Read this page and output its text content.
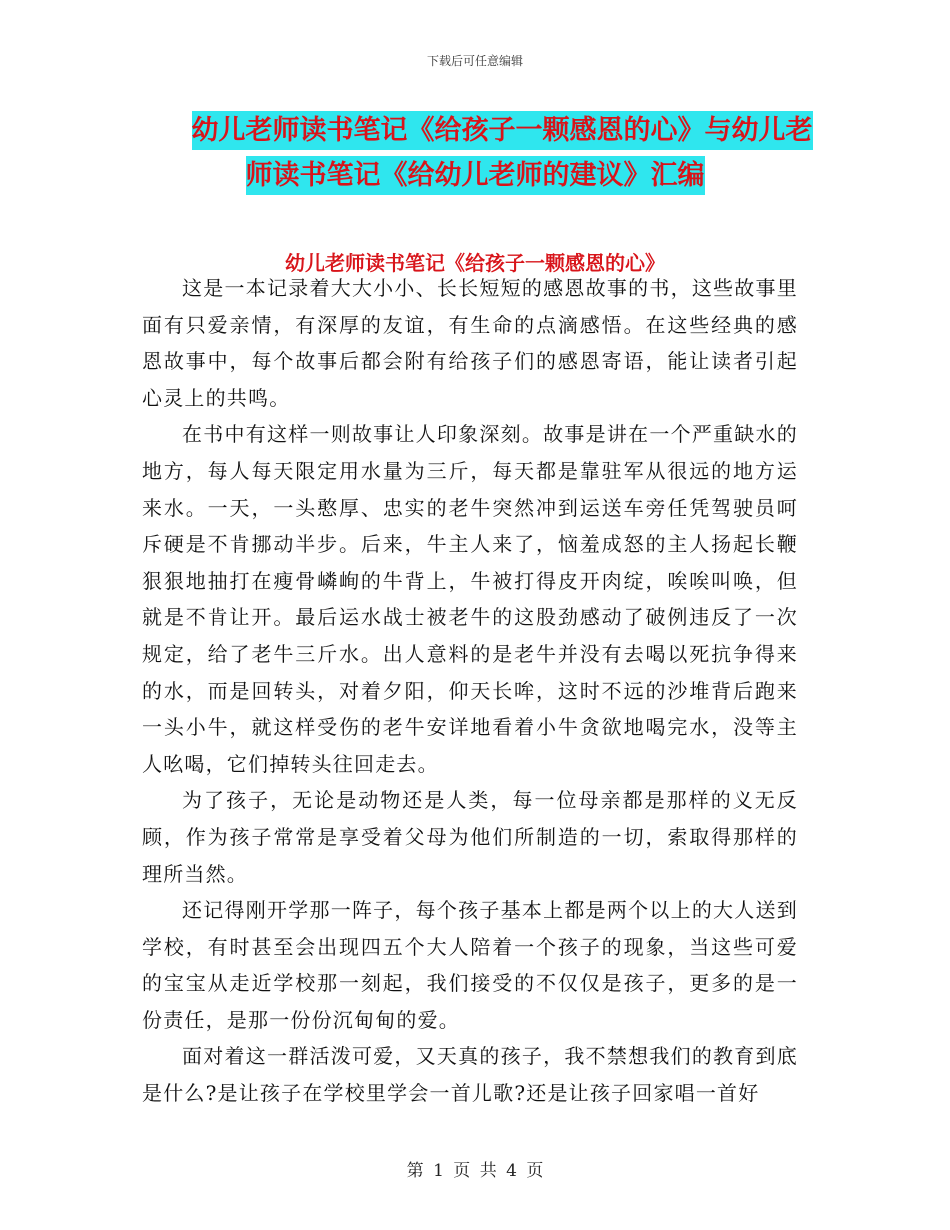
下载后可任意编辑
幼儿老师读书笔记《给孩子一颗感恩的心》与幼儿老
师读书笔记《给幼儿老师的建议》汇编
幼儿老师读书笔记《给孩子一颗感恩的心》

这是一本记录着大大小小、长长短短的感恩故事的书，这些故事里面有只爱亲情，有深厚的友谊，有生命的点滴感悟。在这些经典的感恩故事中，每个故事后都会附有给孩子们的感恩寄语，能让读者引起心灵上的共鸣。

在书中有这样一则故事让人印象深刻。故事是讲在一个严重缺水的地方，每人每天限定用水量为三斤，每天都是靠驻军从很远的地方运来水。一天，一头憨厚、忠实的老牛突然冲到运送车旁任凭驾驶员呵斥硬是不肯挪动半步。后来，牛主人来了，恼羞成怒的主人扬起长鞭狠狠地抽打在瘦骨嶙峋的牛背上，牛被打得皮开肉绽，唉唉叫唤，但就是不肯让开。最后运水战士被老牛的这股劲感动了破例违反了一次规定，给了老牛三斤水。出人意料的是老牛并没有去喝以死抗争得来的水，而是回转头，对着夕阳，仰天长哞，这时不远的沙堆背后跑来一头小牛，就这样受伤的老牛安详地看着小牛贪欲地喝完水，没等主人吆喝，它们掉转头往回走去。

为了孩子，无论是动物还是人类，每一位母亲都是那样的义无反顾，作为孩子常常是享受着父母为他们所制造的一切，索取得那样的理所当然。

还记得刚开学那一阵子，每个孩子基本上都是两个以上的大人送到学校，有时甚至会出现四五个大人陪着一个孩子的现象，当这些可爱的宝宝从走近学校那一刻起，我们接受的不仅仅是孩子，更多的是一份责任，是那一份份沉甸甸的爱。

面对着这一群活泼可爱，又天真的孩子，我不禁想我们的教育到底是什么?是让孩子在学校里学会一首儿歌?还是让孩子回家唱一首好

第 1 页 共 4 页
